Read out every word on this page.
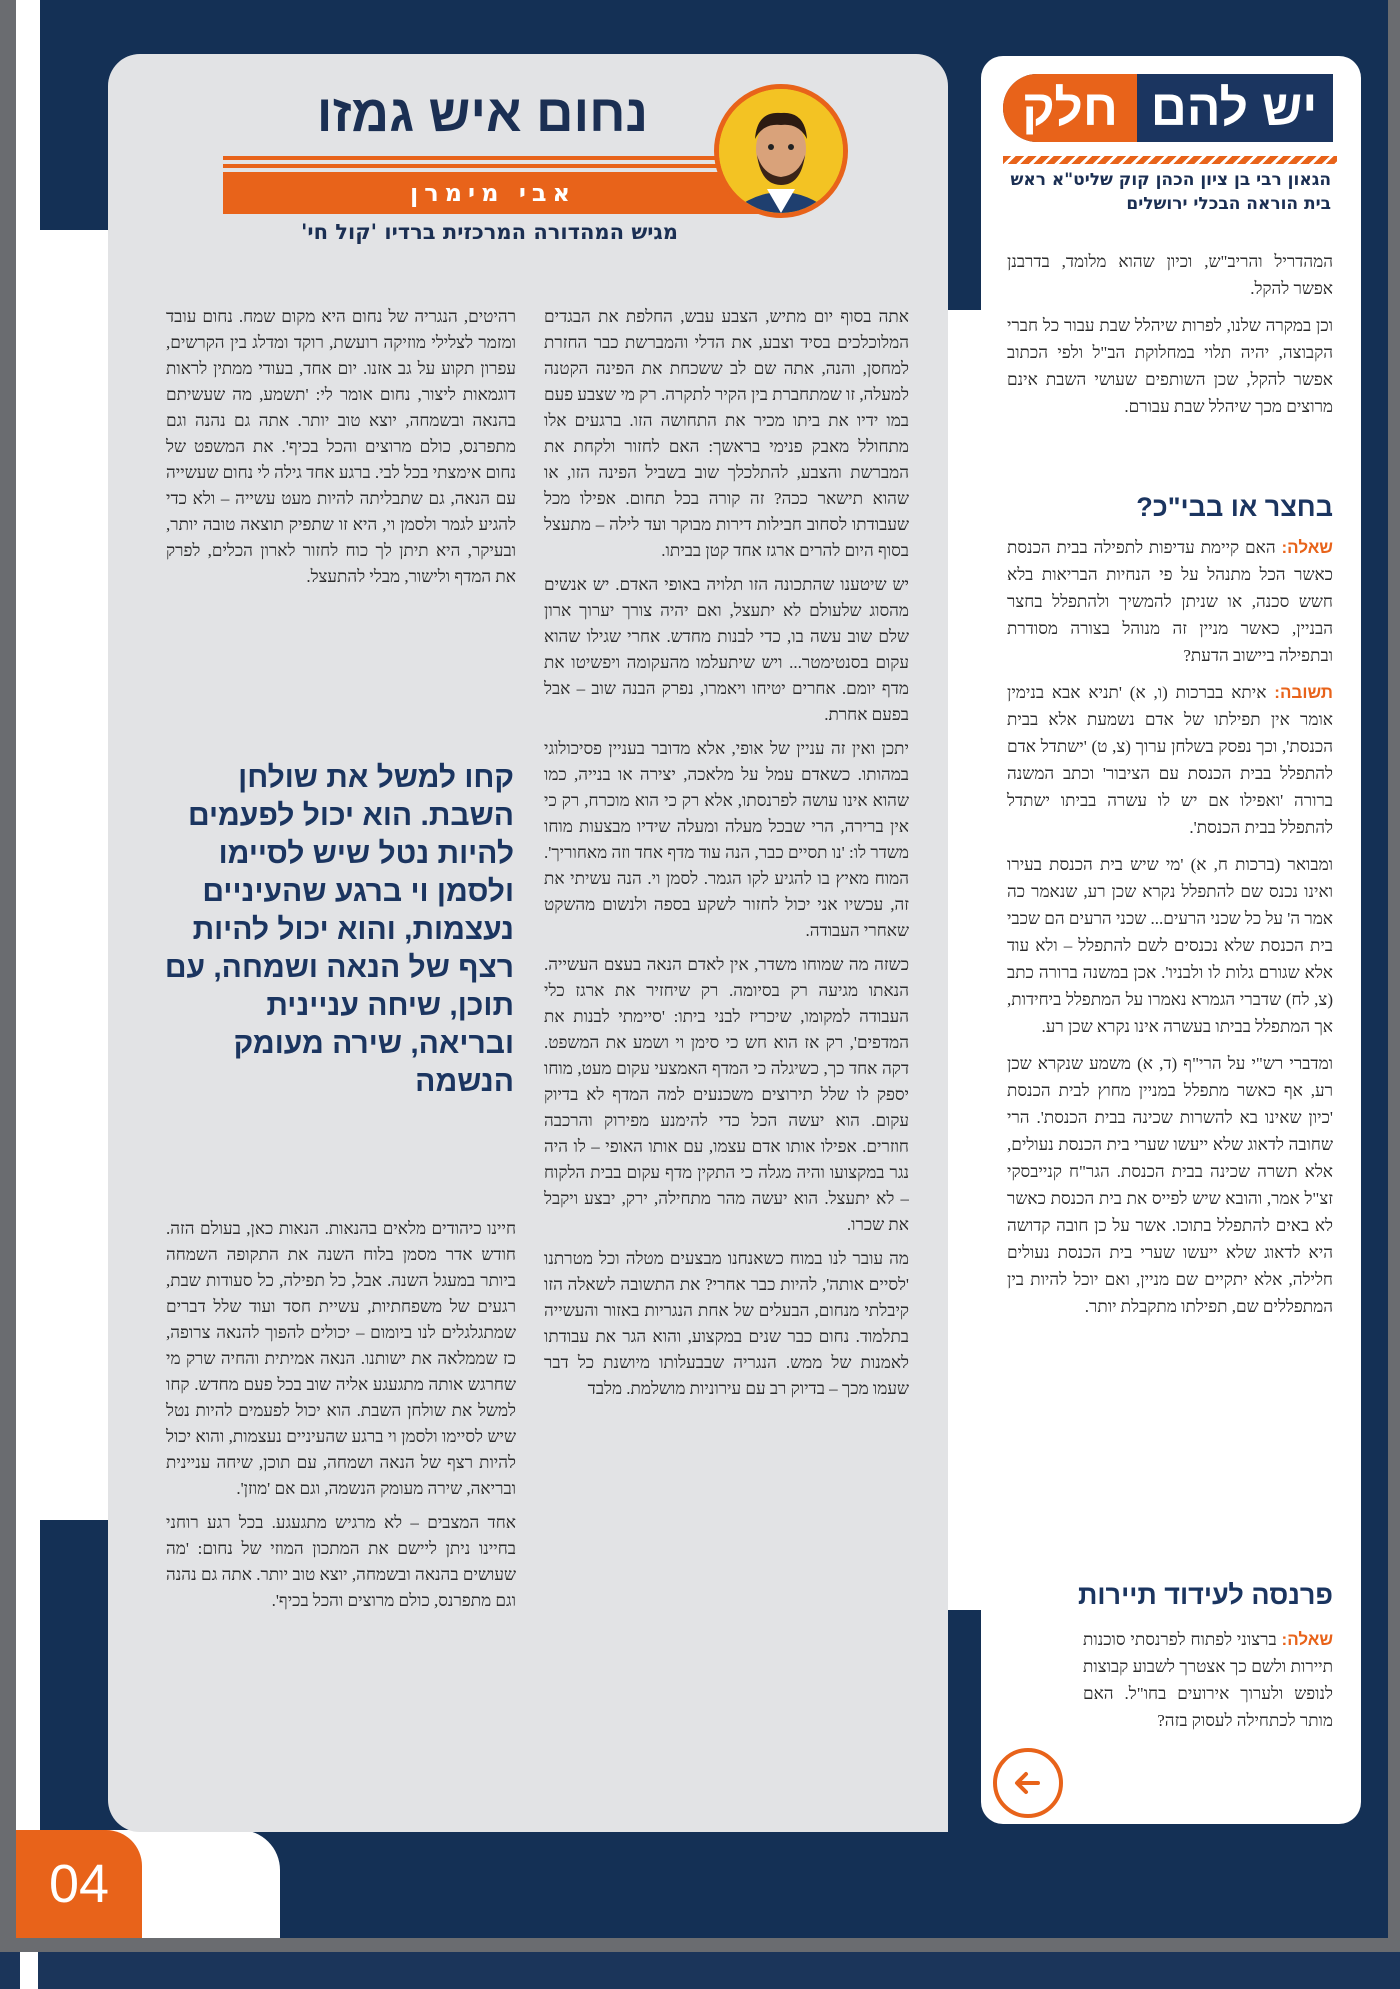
04
נחום איש גמזו
אבי מימרן
מגיש המהדורה המרכזית ברדיו 'קול חי'

אתה בסוף יום מתיש, הצבע עבש, החלפת את הבגדים המלוכלכים בסיד וצבע, את הדלי והמברשת כבר החזרת למחסן, והנה, אתה שם לב ששכחת את הפינה הקטנה למעלה, זו שמתחברת בין הקיר לתקרה. רק מי שצבע פעם במו ידיו את ביתו מכיר את התחושה הזו. ברגעים אלו מתחולל מאבק פנימי בראשך: האם לחזור ולקחת את המברשת והצבע, להתלכלך שוב בשביל הפינה הזו, או שהוא תישאר ככה? זה קורה בכל תחום. אפילו מכל שעבודתו לסחוב חבילות דירות מבוקר ועד לילה – מתעצל בסוף היום להרים ארגז אחד קטן בביתו.

יש שיטענו שהתכונה הזו תלויה באופי האדם. יש אנשים מהסוג שלעולם לא יתעצל, ואם יהיה צורך יערוך ארון שלם שוב עשה בו, כדי לבנות מחדש. אחרי שגילו שהוא עקום בסנטימטר... ויש שיתעלמו מהעקומה ויפשיטו את מדף יומם. אחרים יטיחו ויאמרו, נפרק הבנה שוב – אבל בפעם אחרת.

יתכן ואין זה עניין של אופי, אלא מדובר בעניין פסיכולוגי במהותו. כשאדם עמל על מלאכה, יצירה או בנייה, כמו שהוא אינו עושה לפרנסתו, אלא רק כי הוא מוכרח, רק כי אין ברירה, הרי שבכל מעלה ומעלה שידיו מבצעות מוחו משדר לו: 'נו תסיים כבר, הנה עוד מדף אחד וזה מאחוריך'. המוח מאיץ בו להגיע לקו הגמר. לסמן וי. הנה עשיתי את זה, עכשיו אני יכול לחזור לשקע בספה ולנשום מהשקט שאחרי העבודה.

כשזה מה שמוחו משדר, אין לאדם הנאה בעצם העשייה. הנאתו מגיעה רק בסיומה. רק שיחזיר את ארגז כלי העבודה למקומו, שיכריז לבני ביתו: 'סיימתי לבנות את המדפים', רק אז הוא חש כי סימן וי ושמע את המשפט. דקה אחד כך, כשיגלה כי המדף האמצעי עקום מעט, מוחו יספק לו שלל תירוצים משכנעים למה המדף לא בדיוק עקום. הוא יעשה הכל כדי להימנע מפירוק והרכבה חוזרים. אפילו אותו אדם עצמו, עם אותו האופי – לו היה נגר במקצועו והיה מגלה כי התקין מדף עקום בבית הלקוח – לא יתעצל. הוא יעשה מהר מתחילה, ירק, יבצע ויקבל את שכרו.

מה עובר לנו במוח כשאנחנו מבצעים מטלה וכל מטרתנו 'לסיים אותה', להיות כבר אחרי? את התשובה לשאלה הזו קיבלתי מנחום, הבעלים של אחת הנגריות באזור והעשייה בתלמוד. נחום כבר שנים במקצוע, והוא הגר את עבודתו לאמנות של ממש. הנגריה שבבעלותו מיושנת כל דבר שעמו מכך – בדיוק רב עם עירוניות מושלמת. מלבד

רהיטים, הנגריה של נחום היא מקום שמח. נחום עובד ומזמר לצלילי מוזיקה רועשת, רוקד ומדלג בין הקרשים, עפרון תקוע על גב אזנו. יום אחד, בעודי ממתין לראות דוגמאות ליצור, נחום אומר לי: 'תשמע, מה שעשיתם בהנאה ובשמחה, יוצא טוב יותר. אתה גם נהנה וגם מתפרנס, כולם מרוצים והכל בכיף'. את המשפט של נחום אימצתי בכל לבי. ברגע אחד גילה לי נחום שעשייה עם הנאה, גם שתבליתה להיות מעט עשייה – ולא כדי להגיע לגמר ולסמן וי, היא זו שתפיק תוצאה טובה יותר, ובעיקר, היא תיתן לך כוח לחזור לארון הכלים, לפרק את המדף ולישור, מבלי להתעצל.

קחו למשל את שולחן השבת. הוא יכול לפעמים להיות נטל שיש לסיימו ולסמן וי ברגע שהעיניים נעצמות, והוא יכול להיות רצף של הנאה ושמחה, עם תוכן, שיחה עניינית ובריאה, שירה מעומק הנשמה

חיינו כיהודים מלאים בהנאות. הנאות כאן, בעולם הזה. חודש אדר מסמן בלוח השנה את התקופה השמחה ביותר במעגל השנה. אבל, כל תפילה, כל סעודות שבת, רגעים של משפחתיות, עשיית חסד ועוד שלל דברים שמתגלגלים לנו ביומום – יכולים להפוך להנאה צרופה, כז שממלאה את ישותנו. הנאה אמיתית והחיה שרק מי שחרגש אותה מתגעגע אליה שוב בכל פעם מחדש. קחו למשל את שולחן השבת. הוא יכול לפעמים להיות נטל שיש לסיימו ולסמן וי ברגע שהעיניים נעצמות, והוא יכול להיות רצף של הנאה ושמחה, עם תוכן, שיחה עניינית ובריאה, שירה מעומק הנשמה, וגם אם 'מוזן'.

אחד המצבים – לא מרגיש מתגעגע. בכל רגע רוחני בחיינו ניתן ליישם את המתכון המוזי של נחום: 'מה שעושים בהנאה ובשמחה, יוצא טוב יותר. אתה גם נהנה וגם מתפרנס, כולם מרוצים והכל בכיף'.

חלק יש להם
הגאון רבי בן ציון הכהן קוק שליט"א ראש בית הוראה הבכלי ירושלים

המהדריל והריב"ש, וכיון שהוא מלומד, בדרבנן אפשר להקל.

וכן במקרה שלנו, לפרות שיהלל שבת עבור כל חברי הקבוצה, יהיה תלוי במחלוקת הב"ל ולפי הכתוב אפשר להקל, שכן השותפים שעושי השבת אינם מרוצים מכך שיהלל שבת עבורם.

בחצר או בבי"כ?

שאלה: האם קיימת עדיפות לתפילה בבית הכנסת כאשר הכל מתנהל על פי הנחיות הבריאות בלא חשש סכנה, או שניתן להמשיך ולהתפלל בחצר הבניין, כאשר מניין זה מנוהל בצורה מסודרת ובתפילה ביישוב הדעת?

תשובה: איתא בברכות (ו, א) 'תניא אבא בנימין אומר אין תפילתו של אדם נשמעת אלא בבית הכנסת', וכך נפסק בשלחן ערוך (צ, ט) 'ישתדל אדם להתפלל בבית הכנסת עם הציבור' וכתב המשנה ברורה 'ואפילו אם יש לו עשרה בביתו ישתדל להתפלל בבית הכנסת'.

ומבואר (ברכות ח, א) 'מי שיש בית הכנסת בעירו ואינו נכנס שם להתפלל נקרא שכן רע, שנאמר כה אמר ה' על כל שכני הרעים... שכני הרעים הם שכבי בית הכנסת שלא נכנסים לשם להתפלל – ולא עוד אלא שגורם גלות לו ולבניו'. אכן במשנה ברורה כתב (צ, לח) שדברי הגמרא נאמרו על המתפלל ביחידות, אך המתפלל בביתו בעשרה אינו נקרא שכן רע.

ומדברי רש"י על הרי"ף (ד, א) משמע שנקרא שכן רע, אף כאשר מתפלל במניין מחוץ לבית הכנסת 'כיון שאינו בא להשרות שכינה בבית הכנסת'. הרי שחובה לדאוג שלא ייעשו שערי בית הכנסת נעולים, אלא תשרה שכינה בבית הכנסת. הגר"ח קנייבסקי זצ"ל אמר, והובא שיש לפייס את בית הכנסת כאשר לא באים להתפלל בתוכו. אשר על כן חובה קדושה היא לדאוג שלא ייעשו שערי בית הכנסת נעולים חלילה, אלא יתקיים שם מניין, ואם יוכל להיות בין המתפללים שם, תפילתו מתקבלת יותר.

פרנסה לעידוד תיירות

שאלה: ברצוני לפתוח לפרנסתי סוכנות תיירות ולשם כך אצטרך לשבוע קבוצות לנופש ולערוך אירועים בחו"ל. האם מותר לכתחילה לעסוק בזה?
